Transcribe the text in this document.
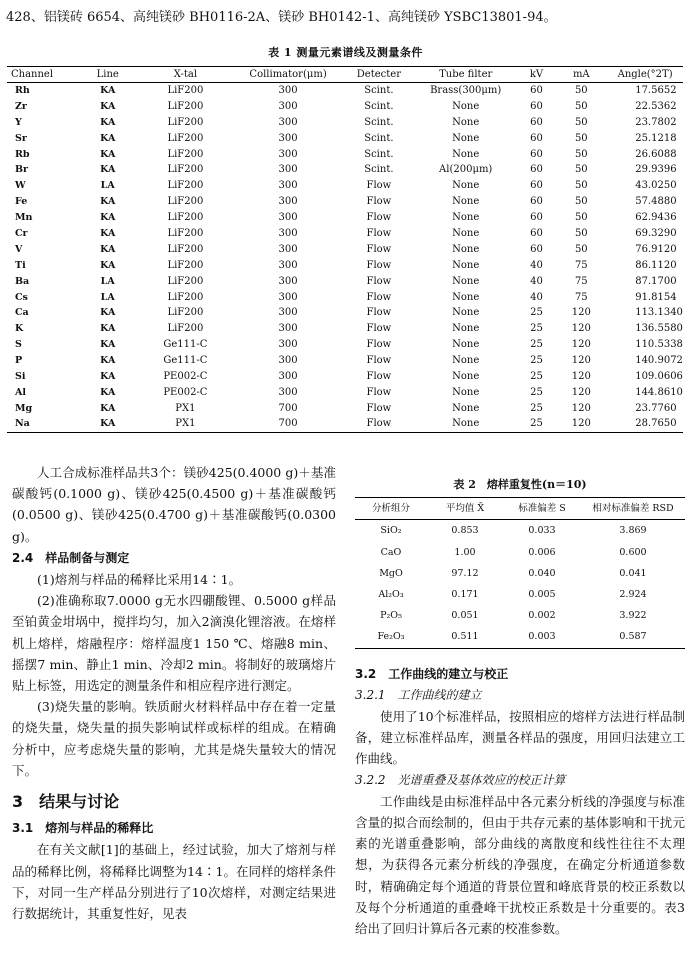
428、铝镁砖 6654、高纯镁砂 BH0116-2A、镁砂 BH0142-1、高纯镁砂 YSBC13801-94。
表 1 测量元素谱线及测量条件
Channel	Line	X-tal	Collimator(μm)	Detecter	Tube filter	kV	mA	Angle(°2T)
Rh	KA	LiF200	300	Scint.	Brass(300μm)	60	50	17.5652
Zr	KA	LiF200	300	Scint.	None	60	50	22.5362
Y	KA	LiF200	300	Scint.	None	60	50	23.7802
Sr	KA	LiF200	300	Scint.	None	60	50	25.1218
Rb	KA	LiF200	300	Scint.	None	60	50	26.6088
Br	KA	LiF200	300	Scint.	Al(200μm)	60	50	29.9396
W	LA	LiF200	300	Flow	None	60	50	43.0250
Fe	KA	LiF200	300	Flow	None	60	50	57.4880
Mn	KA	LiF200	300	Flow	None	60	50	62.9436
Cr	KA	LiF200	300	Flow	None	60	50	69.3290
V	KA	LiF200	300	Flow	None	60	50	76.9120
Ti	KA	LiF200	300	Flow	None	40	75	86.1120
Ba	LA	LiF200	300	Flow	None	40	75	87.1700
Cs	LA	LiF200	300	Flow	None	40	75	91.8154
Ca	KA	LiF200	300	Flow	None	25	120	113.1340
K	KA	LiF200	300	Flow	None	25	120	136.5580
S	KA	Ge111-C	300	Flow	None	25	120	110.5338
P	KA	Ge111-C	300	Flow	None	25	120	140.9072
Si	KA	PE002-C	300	Flow	None	25	120	109.0606
Al	KA	PE002-C	300	Flow	None	25	120	144.8610
Mg	KA	PX1	700	Flow	None	25	120	23.7760
Na	KA	PX1	700	Flow	None	25	120	28.7650

人工合成标准样品共3个：镁砂425(0.4000 g)＋基准碳酸钙(0.1000 g)、镁砂425(0.4500 g)＋基准碳酸钙(0.0500 g)、镁砂425(0.4700 g)＋基准碳酸钙(0.0300 g)。

2.4　样品制备与测定

(1)熔剂与样品的稀释比采用14∶1。

(2)准确称取7.0000 g无水四硼酸锂、0.5000 g样品至铂黄金坩埚中，搅拌均匀，加入2滴溴化锂溶液。在熔样机上熔样，熔融程序：熔样温度1 150 ℃、熔融8 min、摇摆7 min、静止1 min、冷却2 min。将制好的玻璃熔片贴上标签，用选定的测量条件和相应程序进行测定。

(3)烧失量的影响。铁质耐火材料样品中存在着一定量的烧失量，烧失量的损失影响试样或标样的组成。在精确分析中，应考虑烧失量的影响，尤其是烧失量较大的情况下。

3　结果与讨论
3.1　熔剂与样品的稀释比

在有关文献[1]的基础上，经过试验，加大了熔剂与样品的稀释比例，将稀释比调整为14∶1。在同样的熔样条件下，对同一生产样品分别进行了10次熔样，对测定结果进行数据统计，其重复性好，见表

表 2　熔样重复性(n＝10)
分析组分	平均值 X̄	标准偏差 S	相对标准偏差 RSD
SiO₂	0.853	0.033	3.869
CaO	1.00	0.006	0.600
MgO	97.12	0.040	0.041
Al₂O₃	0.171	0.005	2.924
P₂O₅	0.051	0.002	3.922
Fe₂O₃	0.511	0.003	0.587
3.2　工作曲线的建立与校正
3.2.1　工作曲线的建立

使用了10个标准样品，按照相应的熔样方法进行样品制备，建立标准样品库，测量各样品的强度，用回归法建立工作曲线。

3.2.2　光谱重叠及基体效应的校正计算

工作曲线是由标准样品中各元素分析线的净强度与标准含量的拟合而绘制的，但由于共存元素的基体影响和干扰元素的光谱重叠影响，部分曲线的离散度和线性往往不太理想，为获得各元素分析线的净强度，在确定分析通道参数时，精确确定每个通道的背景位置和峰底背景的校正系数以及每个分析通道的重叠峰干扰校正系数是十分重要的。表3给出了回归计算后各元素的校准参数。
